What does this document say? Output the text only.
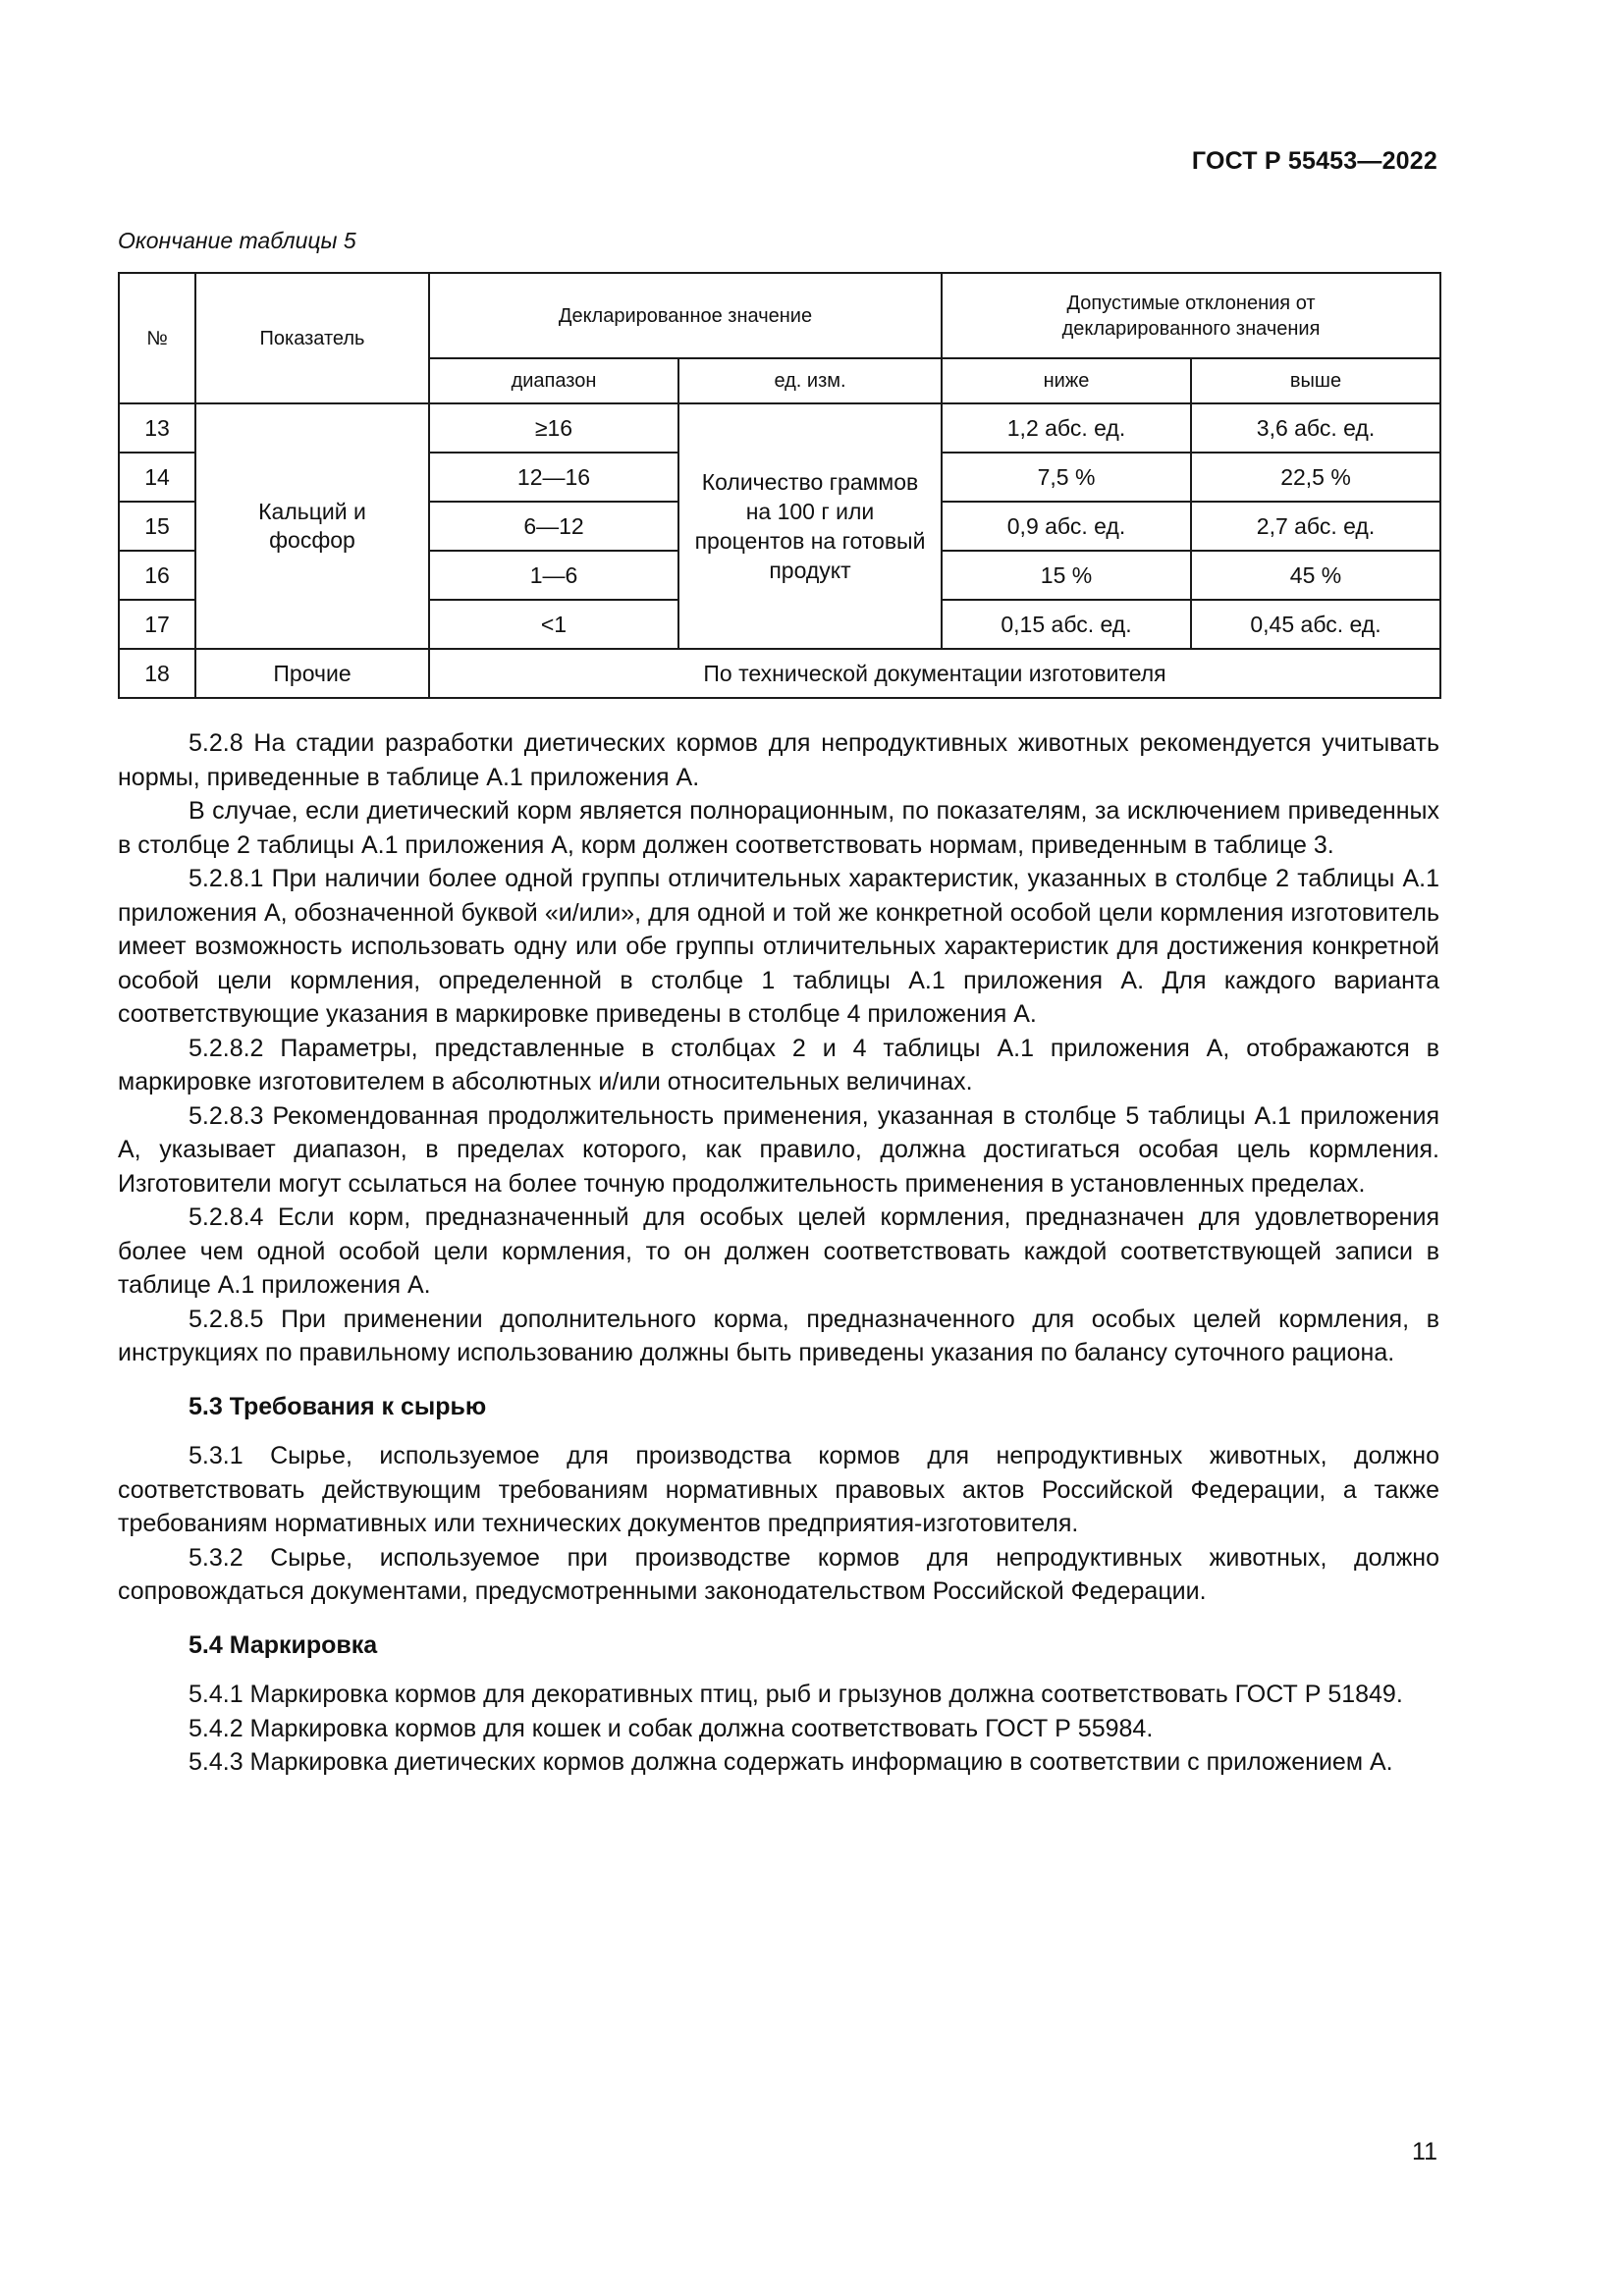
ГОСТ Р 55453—2022
Окончание таблицы 5
№	Показатель	Декларированное значение		Допустимые отклонения от декларированного значения	
		диапазон	ед. изм.	ниже	выше
13	Кальций и фосфор	≥16	Количество граммов на 100 г или процентов на готовый продукт	1,2 абс. ед.	3,6 абс. ед.
14		12—16		7,5 %	22,5 %
15		6—12		0,9 абс. ед.	2,7 абс. ед.
16		1—6		15 %	45 %
17		<1		0,15 абс. ед.	0,45 абс. ед.
18	Прочие	По технической документации изготовителя			

5.2.8 На стадии разработки диетических кормов для непродуктивных животных рекомендуется учитывать нормы, приведенные в таблице А.1 приложения А.

В случае, если диетический корм является полнорационным, по показателям, за исключением приведенных в столбце 2 таблицы А.1 приложения А, корм должен соответствовать нормам, приведенным в таблице 3.

5.2.8.1 При наличии более одной группы отличительных характеристик, указанных в столбце 2 таблицы А.1 приложения А, обозначенной буквой «и/или», для одной и той же конкретной особой цели кормления изготовитель имеет возможность использовать одну или обе группы отличительных характеристик для достижения конкретной особой цели кормления, определенной в столбце 1 таблицы А.1 приложения А. Для каждого варианта соответствующие указания в маркировке приведены в столбце 4 приложения А.

5.2.8.2 Параметры, представленные в столбцах 2 и 4 таблицы А.1 приложения А, отображаются в маркировке изготовителем в абсолютных и/или относительных величинах.

5.2.8.3 Рекомендованная продолжительность применения, указанная в столбце 5 таблицы А.1 приложения А, указывает диапазон, в пределах которого, как правило, должна достигаться особая цель кормления. Изготовители могут ссылаться на более точную продолжительность применения в установленных пределах.

5.2.8.4 Если корм, предназначенный для особых целей кормления, предназначен для удовлетворения более чем одной особой цели кормления, то он должен соответствовать каждой соответствующей записи в таблице А.1 приложения А.

5.2.8.5 При применении дополнительного корма, предназначенного для особых целей кормления, в инструкциях по правильному использованию должны быть приведены указания по балансу суточного рациона.

5.3 Требования к сырью

5.3.1 Сырье, используемое для производства кормов для непродуктивных животных, должно соответствовать действующим требованиям нормативных правовых актов Российской Федерации, а также требованиям нормативных или технических документов предприятия-изготовителя.

5.3.2 Сырье, используемое при производстве кормов для непродуктивных животных, должно сопровождаться документами, предусмотренными законодательством Российской Федерации.

5.4 Маркировка

5.4.1 Маркировка кормов для декоративных птиц, рыб и грызунов должна соответствовать ГОСТ Р 51849.

5.4.2 Маркировка кормов для кошек и собак должна соответствовать ГОСТ Р 55984.

5.4.3 Маркировка диетических кормов должна содержать информацию в соответствии с приложением А.

11
